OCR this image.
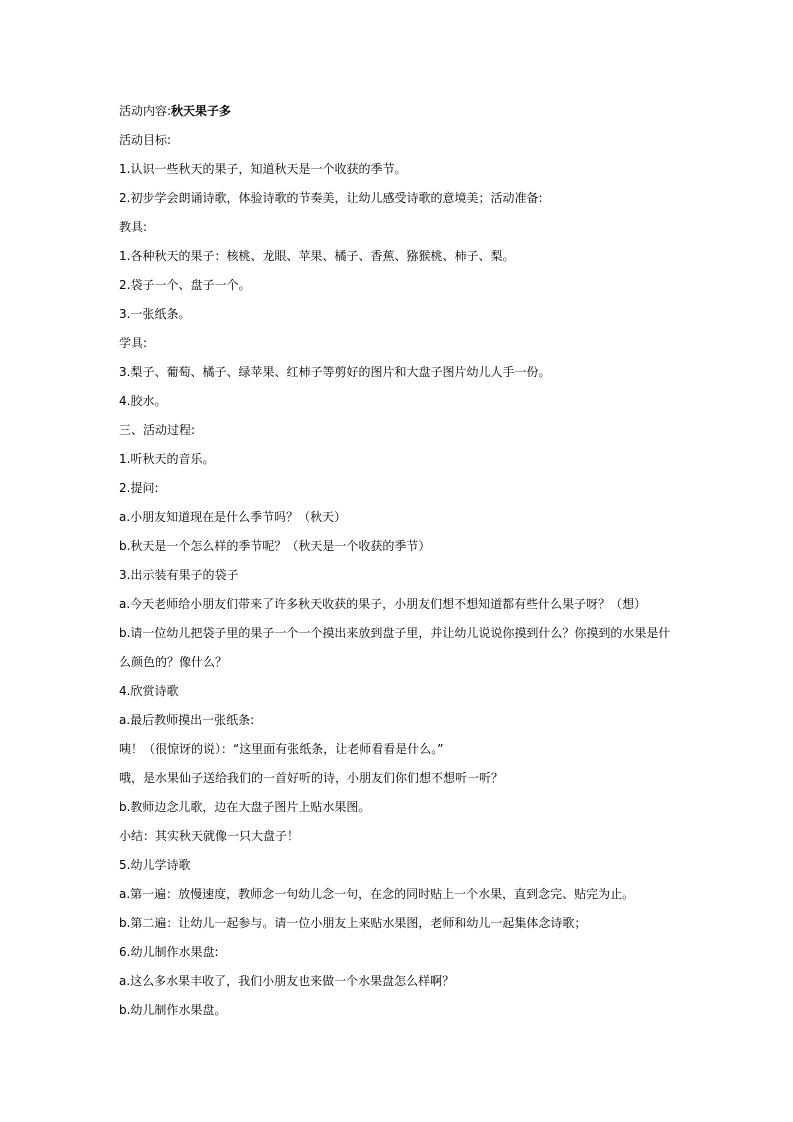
活动内容:秋天果子多

活动目标:

1.认识一些秋天的果子，知道秋天是一个收获的季节。

2.初步学会朗诵诗歌，体验诗歌的节奏美，让幼儿感受诗歌的意境美；活动准备:

教具:

1.各种秋天的果子：核桃、龙眼、苹果、橘子、香蕉、猕猴桃、柿子、梨。

2.袋子一个、盘子一个。

3.一张纸条。

学具:

3.梨子、葡萄、橘子、绿苹果、红柿子等剪好的图片和大盘子图片幼儿人手一份。

4.胶水。

三、活动过程:

1.听秋天的音乐。

2.提问:

a.小朋友知道现在是什么季节吗？（秋天）

b.秋天是一个怎么样的季节呢？（秋天是一个收获的季节）

3.出示装有果子的袋子

a.今天老师给小朋友们带来了许多秋天收获的果子，小朋友们想不想知道都有些什么果子呀？（想）

b.请一位幼儿把袋子里的果子一个一个摸出来放到盘子里，并让幼儿说说你摸到什么？你摸到的水果是什么颜色的？像什么？

4.欣赏诗歌

a.最后教师摸出一张纸条:

咦！（很惊讶的说）：“这里面有张纸条，让老师看看是什么。”

哦，是水果仙子送给我们的一首好听的诗，小朋友们你们想不想听一听？

b.教师边念儿歌，边在大盘子图片上贴水果图。

小结：其实秋天就像一只大盘子！

5.幼儿学诗歌

a.第一遍：放慢速度，教师念一句幼儿念一句，在念的同时贴上一个水果，直到念完、贴完为止。

b.第二遍：让幼儿一起参与。请一位小朋友上来贴水果图，老师和幼儿一起集体念诗歌；

6.幼儿制作水果盘:

a.这么多水果丰收了，我们小朋友也来做一个水果盘怎么样啊？

b.幼儿制作水果盘。
